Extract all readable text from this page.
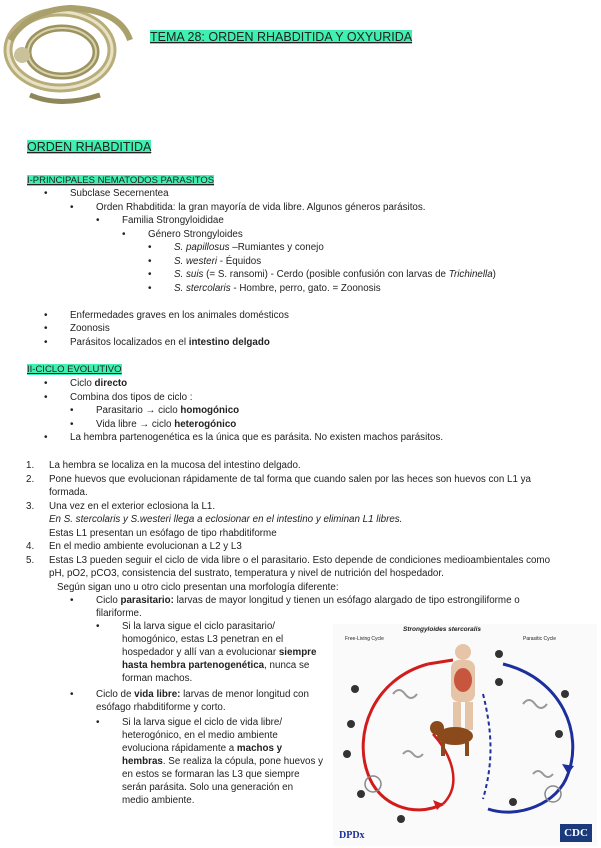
TEMA 28: ORDEN RHABDITIDA Y OXYURIDA
ORDEN RHABDITIDA
I-PRINCIPALES NEMATODOS PARASITOS
• Subclase Secernentea
• Orden Rhabditida: la gran mayoría de vida libre. Algunos géneros parásitos.
• Familia Strongyloididae
• Género Strongyloides
• S. papillosus –Rumiantes y conejo
• S. westeri - Équidos
• S. suis (= S. ransomi) - Cerdo (posible confusión con larvas de Trichinella)
• S. stercolaris - Hombre, perro, gato. = Zoonosis
• Enfermedades graves en los animales domésticos
• Zoonosis
• Parásitos localizados en el intestino delgado
II-CICLO EVOLUTIVO
• Ciclo directo
• Combina dos tipos de ciclo :
• Parasitario → ciclo homogónico
• Vida libre → ciclo heterogónico
• La hembra partenogenética es la única que es parásita. No existen machos parásitos.
1. La hembra se localiza en la mucosa del intestino delgado.
2. Pone huevos que evolucionan rápidamente de tal forma que cuando salen por las heces son huevos con L1 ya
formada.
3. Una vez en el exterior eclosiona la L1.
En S. stercolaris y S.westeri llega a eclosionar en el intestino y eliminan L1 libres.
Estas L1 presentan un esófago de tipo rhabditiforme
4. En el medio ambiente evolucionan a L2 y L3
5. Estas L3 pueden seguir el ciclo de vida libre o el parasitario. Esto depende de condiciones medioambientales como
pH, pO2, pCO3, consistencia del sustrato, temperatura y nivel de nutrición del hospedador.
Según sigan uno u otro ciclo presentan una morfología diferente:
• Ciclo parasitario: larvas de mayor longitud y tienen un esófago alargado de tipo estrongiliforme o
filariforme.
• Si la larva sigue el ciclo parasitario/
homogónico, estas L3 penetran en el
hospedador y allí van a evolucionar siempre
hasta hembra partenogenética, nunca se
forman machos.
• Ciclo de vida libre: larvas de menor longitud con
esófago rhabditiforme y corto.
• Si la larva sigue el ciclo de vida libre/
heterogónico, en el medio ambiente
evoluciona rápidamente a machos y
hembras. Se realiza la cópula, pone huevos y
en estos se formaran las L3 que siempre
serán parásita. Solo una generación en
medio ambiente.
Strongyloides stercoralis
Free-Living Cycle	Parasitic Cycle
DPDx	CDC
